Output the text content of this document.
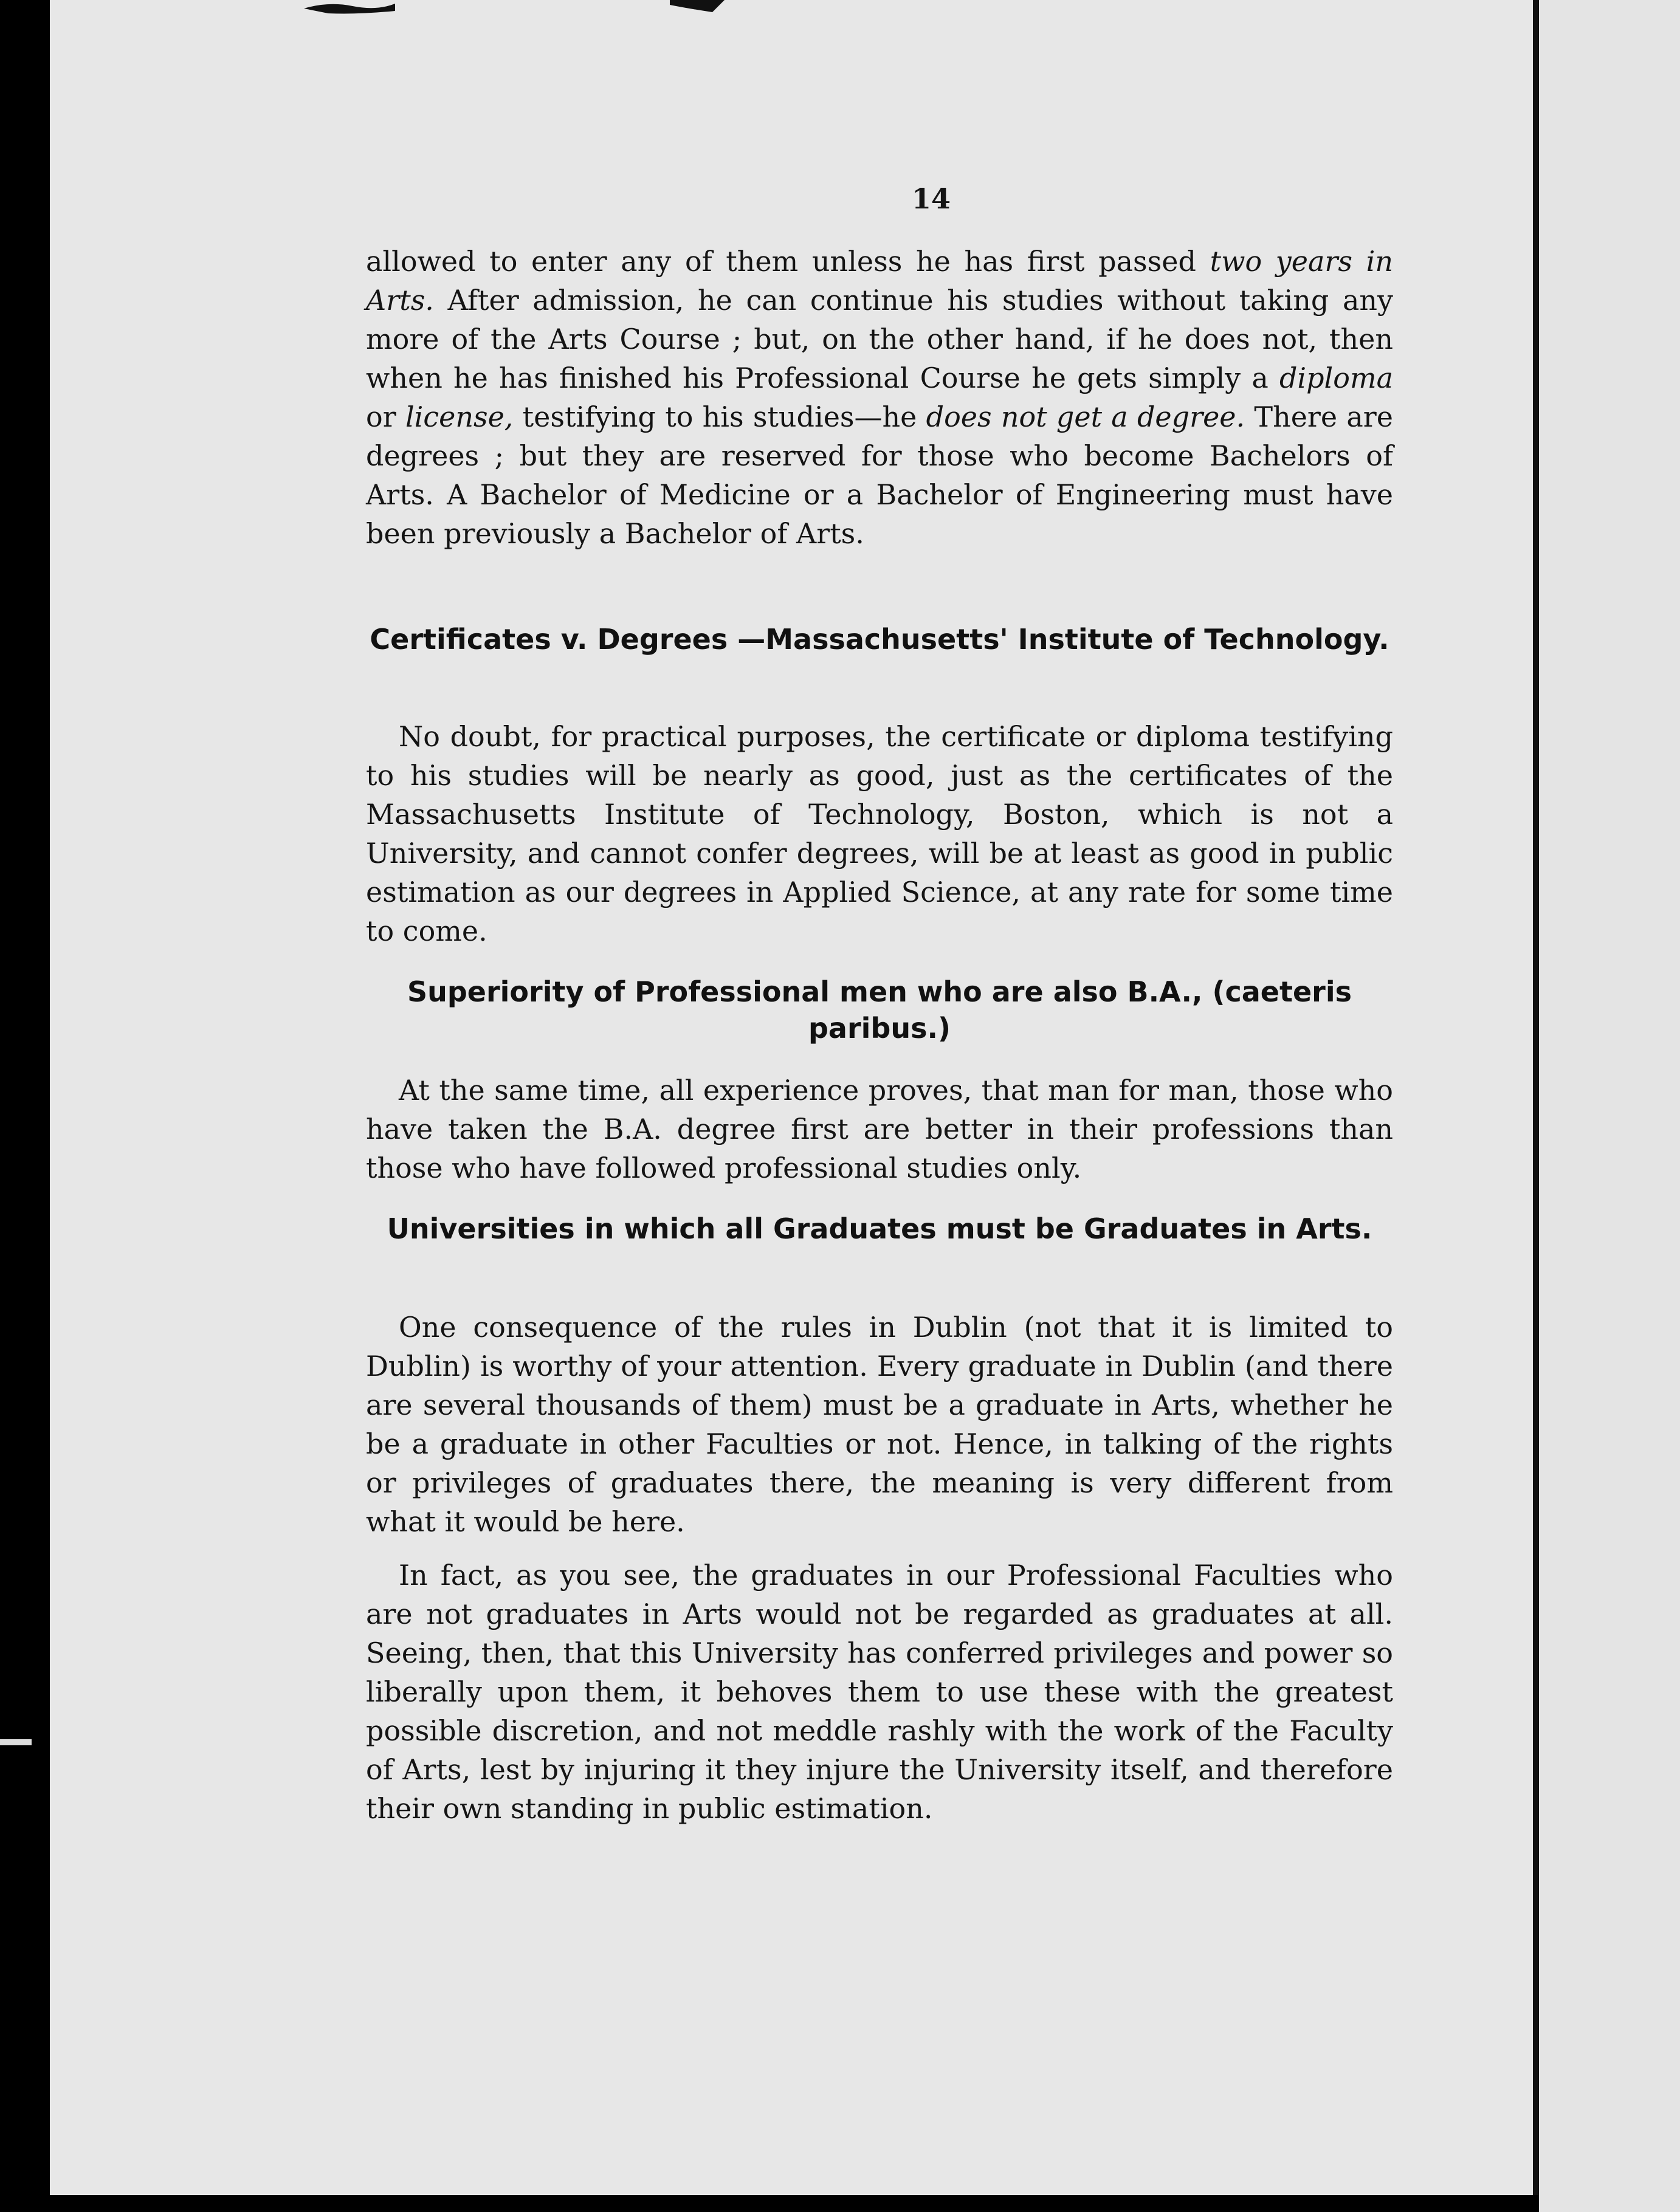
14
allowed to enter any of them unless he has first passed two years in Arts. After admission, he can continue his studies without taking any more of the Arts Course ; but, on the other hand, if he does not, then when he has finished his Professional Course he gets simply a diploma or license, testifying to his studies—he does not get a degree. There are degrees ; but they are reserved for those who become Bachelors of Arts. A Bachelor of Medicine or a Bachelor of Engineering must have been previously a Bachelor of Arts.
Certificates v. Degrees —Massachusetts' Institute of Technology.
No doubt, for practical purposes, the certificate or diploma testifying to his studies will be nearly as good, just as the certificates of the Massachusetts Institute of Technology, Boston, which is not a University, and cannot confer degrees, will be at least as good in public estimation as our degrees in Applied Science, at any rate for some time to come.
Superiority of Professional men who are also B.A., (caeteris paribus.)
At the same time, all experience proves, that man for man, those who have taken the B.A. degree first are better in their professions than those who have followed professional studies only.
Universities in which all Graduates must be Graduates in Arts.
One consequence of the rules in Dublin (not that it is limited to Dublin) is worthy of your attention. Every graduate in Dublin (and there are several thousands of them) must be a graduate in Arts, whether he be a graduate in other Faculties or not. Hence, in talking of the rights or privileges of graduates there, the meaning is very different from what it would be here.
In fact, as you see, the graduates in our Professional Faculties who are not graduates in Arts would not be regarded as graduates at all. Seeing, then, that this University has conferred privileges and power so liberally upon them, it behoves them to use these with the greatest possible discretion, and not meddle rashly with the work of the Faculty of Arts, lest by injuring it they injure the University itself, and therefore their own standing in public estimation.
